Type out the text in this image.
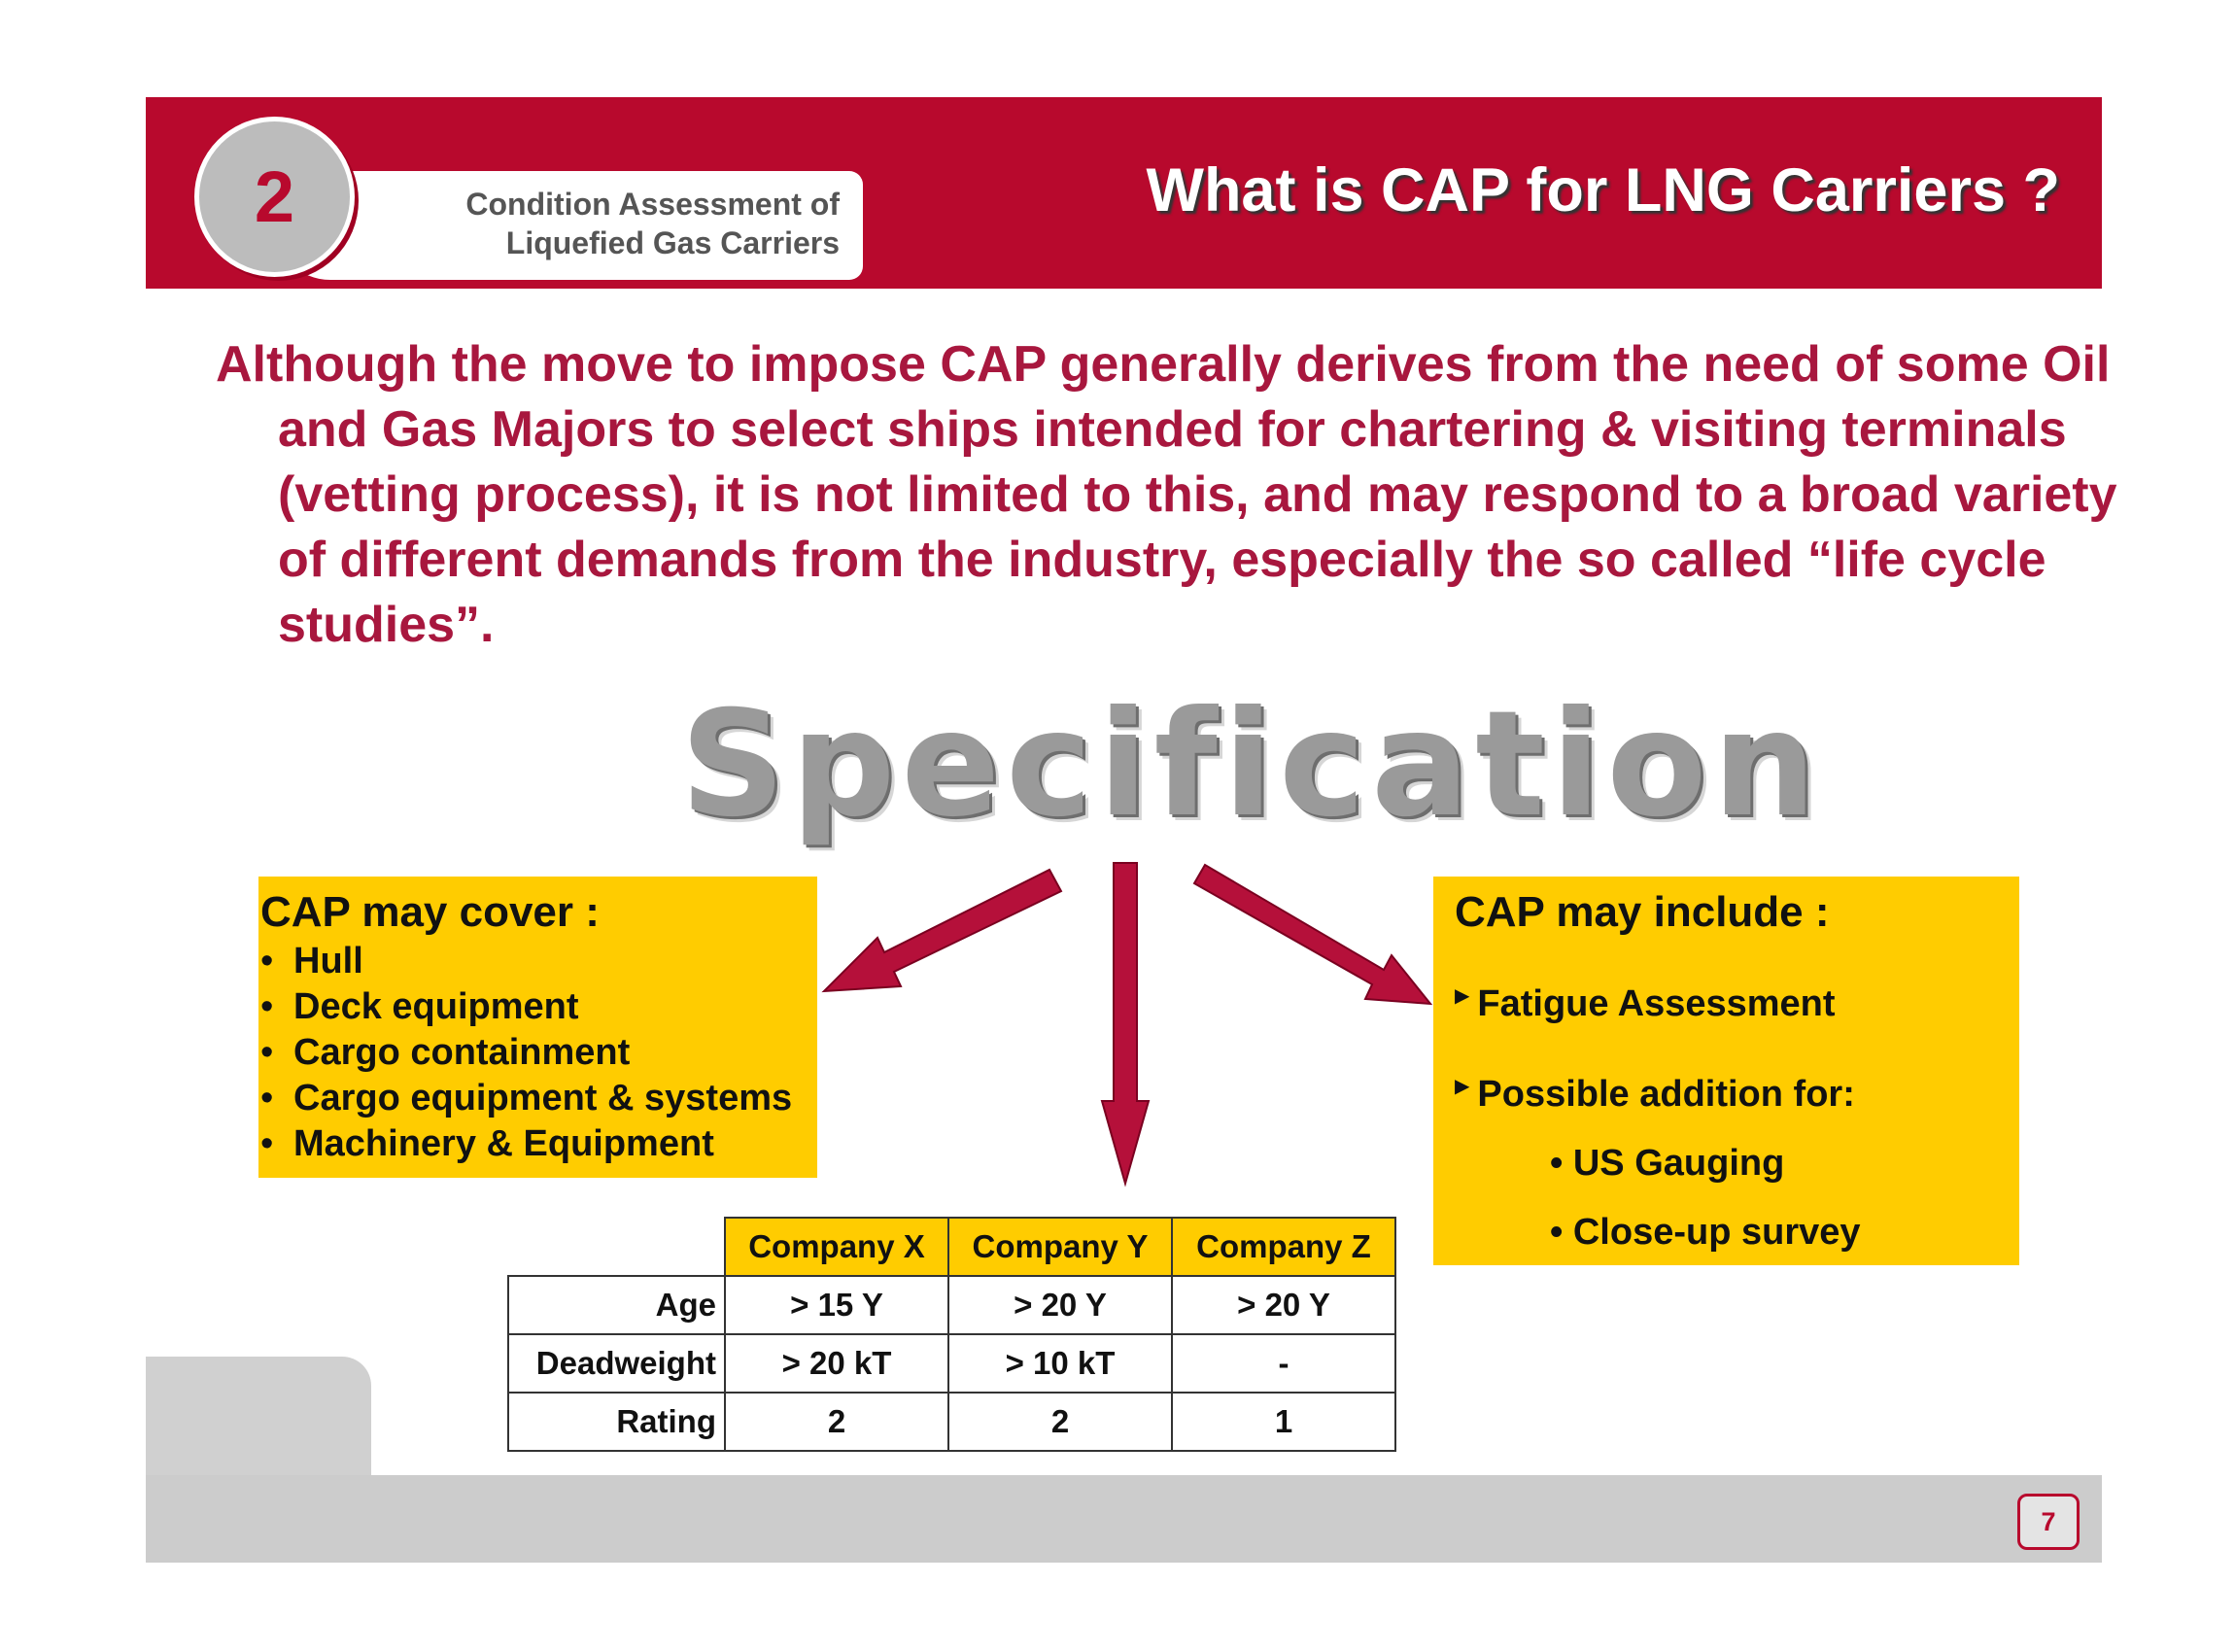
Condition Assessment of
Liquefied Gas Carriers
2	What is CAP for LNG Carriers ?
Although the move to impose CAP generally derives from the need of some Oil and Gas Majors to select ships intended for chartering & visiting terminals (vetting process), it is not limited to this, and may respond to a broad variety of different demands from the industry, especially the so called “life cycle studies”.
Specification
CAP may cover :
• Hull
• Deck equipment
• Cargo containment
• Cargo equipment & systems
• Machinery & Equipment
CAP may include :
▶ Fatigue Assessment
▶ Possible addition for:
• US Gauging
• Close-up survey
	Company X	Company Y	Company Z
Age	> 15 Y	> 20 Y	> 20 Y
Deadweight	> 20 kT	> 10 kT	-
Rating	2	2	1
7
